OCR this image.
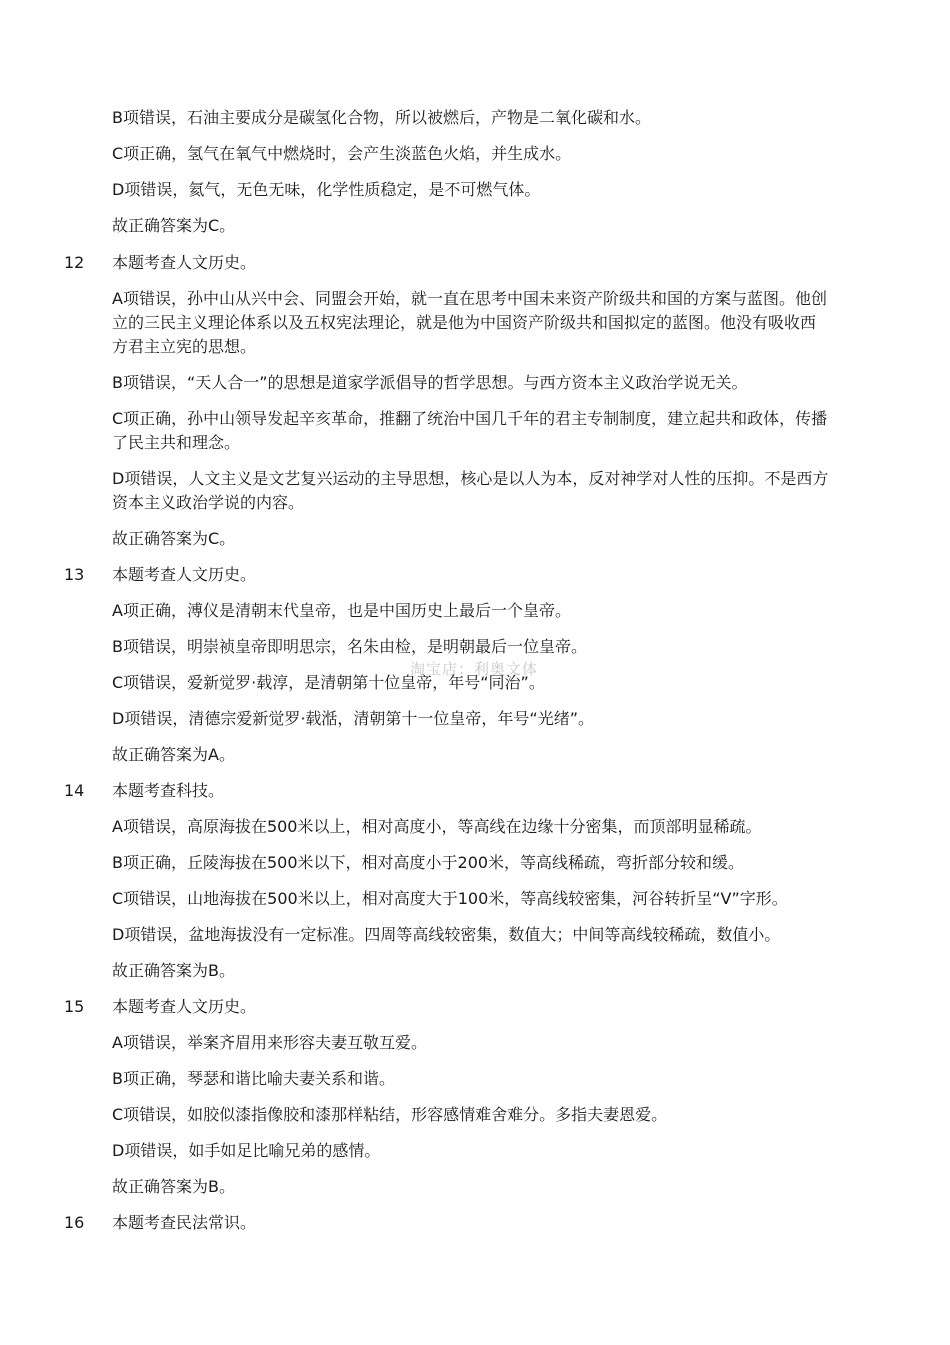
淘宝店：利奥文体
B项错误，石油主要成分是碳氢化合物，所以被燃后，产物是二氧化碳和水。
C项正确，氢气在氧气中燃烧时，会产生淡蓝色火焰，并生成水。
D项错误，氦气，无色无味，化学性质稳定，是不可燃气体。
故正确答案为C。
12 本题考查人文历史。
A项错误，孙中山从兴中会、同盟会开始，就一直在思考中国未来资产阶级共和国的方案与蓝图。他创
立的三民主义理论体系以及五权宪法理论，就是他为中国资产阶级共和国拟定的蓝图。他没有吸收西
方君主立宪的思想。
B项错误，“天人合一”的思想是道家学派倡导的哲学思想。与西方资本主义政治学说无关。
C项正确，孙中山领导发起辛亥革命，推翻了统治中国几千年的君主专制制度，建立起共和政体，传播
了民主共和理念。
D项错误，人文主义是文艺复兴运动的主导思想，核心是以人为本，反对神学对人性的压抑。不是西方
资本主义政治学说的内容。
故正确答案为C。
13 本题考查人文历史。
A项正确，溥仪是清朝末代皇帝，也是中国历史上最后一个皇帝。
B项错误，明崇祯皇帝即明思宗，名朱由检，是明朝最后一位皇帝。
C项错误，爱新觉罗·载淳，是清朝第十位皇帝，年号“同治”。
D项错误，清德宗爱新觉罗·载湉，清朝第十一位皇帝，年号“光绪”。
故正确答案为A。
14 本题考查科技。
A项错误，高原海拔在500米以上，相对高度小，等高线在边缘十分密集，而顶部明显稀疏。
B项正确，丘陵海拔在500米以下，相对高度小于200米，等高线稀疏，弯折部分较和缓。
C项错误，山地海拔在500米以上，相对高度大于100米，等高线较密集，河谷转折呈“V”字形。
D项错误，盆地海拔没有一定标准。四周等高线较密集，数值大；中间等高线较稀疏，数值小。
故正确答案为B。
15 本题考查人文历史。
A项错误，举案齐眉用来形容夫妻互敬互爱。
B项正确，琴瑟和谐比喻夫妻关系和谐。
C项错误，如胶似漆指像胶和漆那样粘结，形容感情难舍难分。多指夫妻恩爱。
D项错误，如手如足比喻兄弟的感情。
故正确答案为B。
16 本题考查民法常识。
